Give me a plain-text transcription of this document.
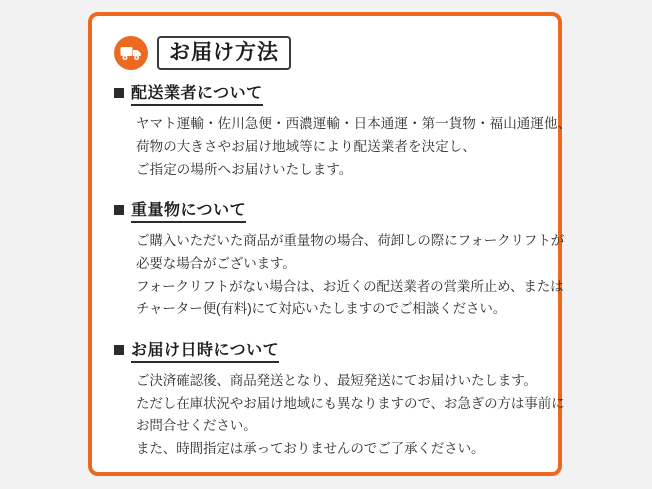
お届け方法
配送業者について
ヤマト運輸・佐川急便・西濃運輸・日本通運・第一貨物・福山通運他、
荷物の大きさやお届け地域等により配送業者を決定し、
ご指定の場所へお届けいたします。
重量物について
ご購入いただいた商品が重量物の場合、荷卸しの際にフォークリフトが
必要な場合がございます。
フォークリフトがない場合は、お近くの配送業者の営業所止め、または
チャーター便(有料)にて対応いたしますのでご相談ください。
お届け日時について
ご決済確認後、商品発送となり、最短発送にてお届けいたします。
ただし在庫状況やお届け地域にも異なりますので、お急ぎの方は事前に
お問合せください。
また、時間指定は承っておりませんのでご了承ください。
